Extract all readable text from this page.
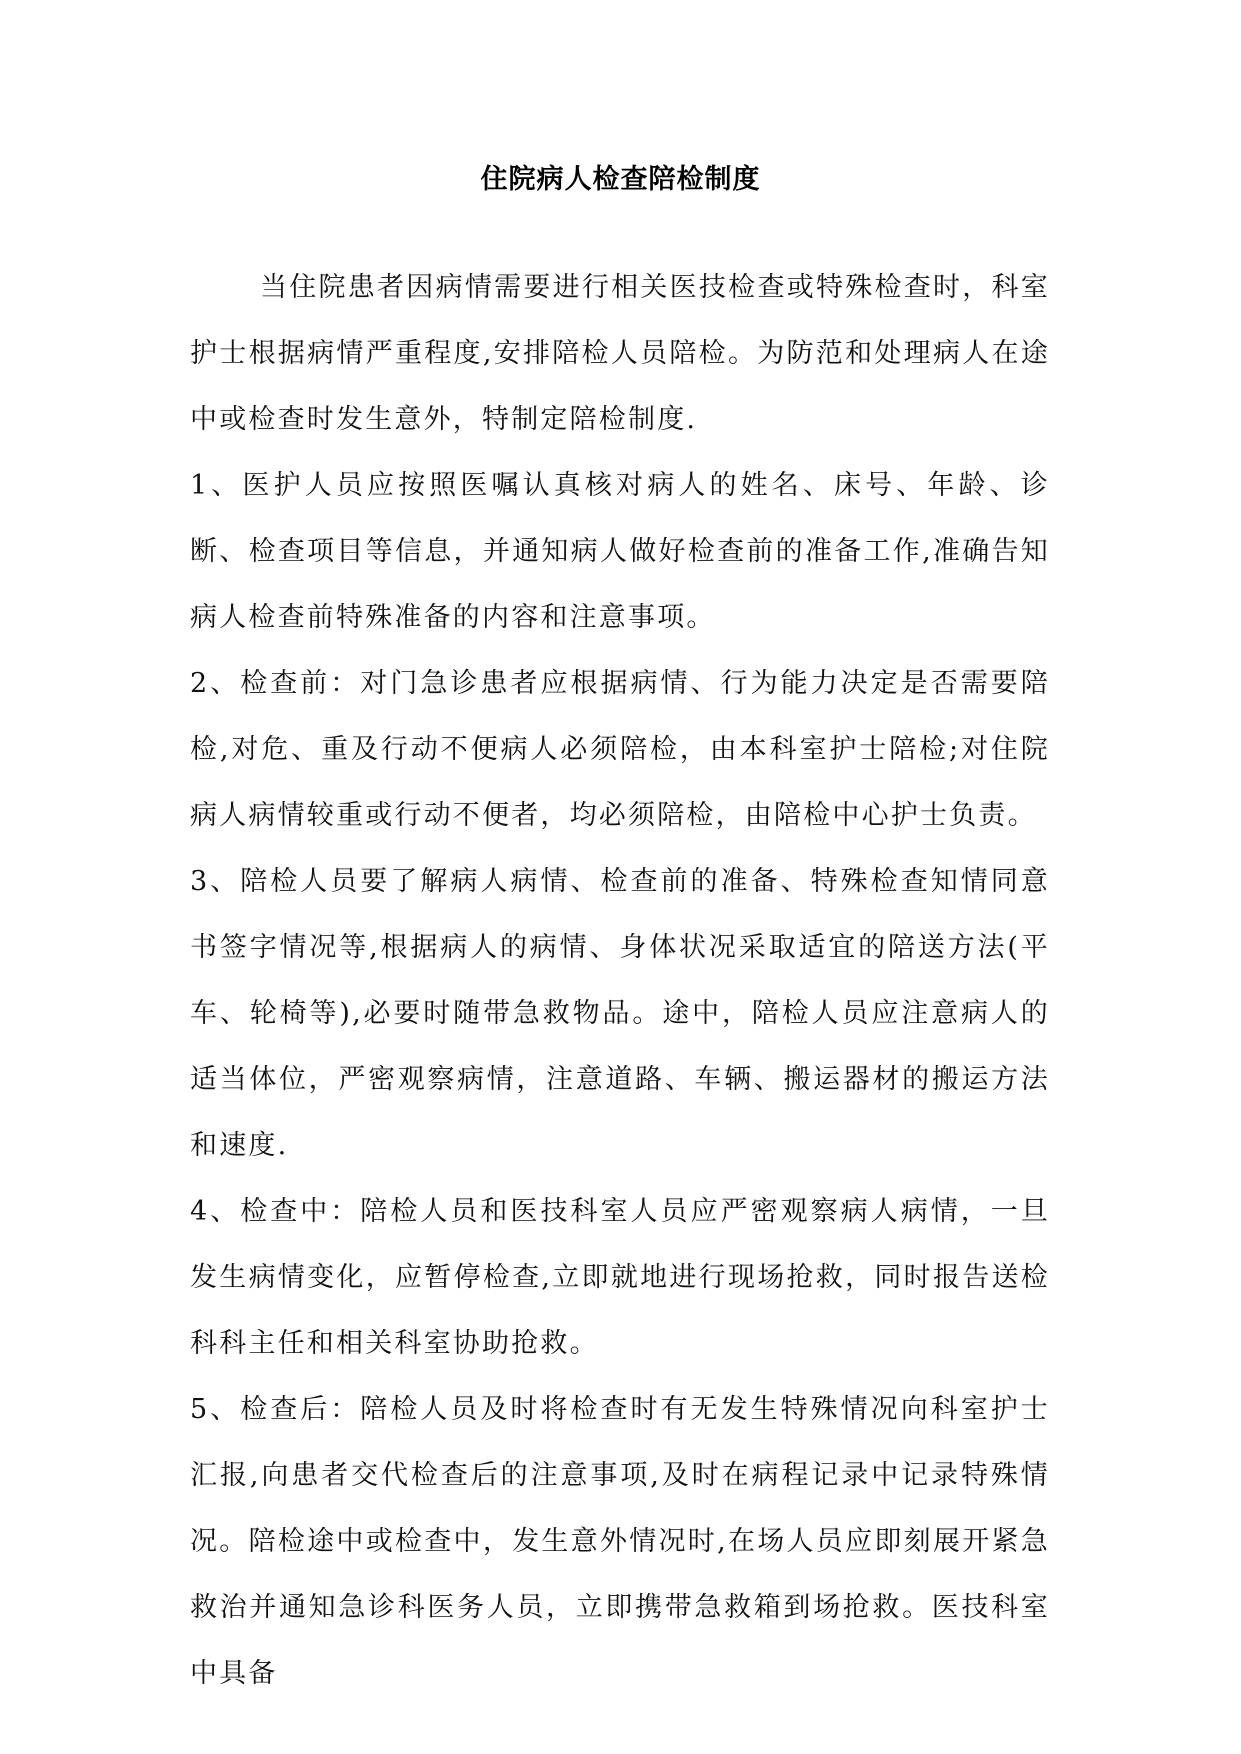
住院病人检查陪检制度

当住院患者因病情需要进行相关医技检查或特殊检查时，科室护士根据病情严重程度,安排陪检人员陪检。为防范和处理病人在途中或检查时发生意外，特制定陪检制度.

1、医护人员应按照医嘱认真核对病人的姓名、床号、年龄、诊断、检查项目等信息，并通知病人做好检查前的准备工作,准确告知病人检查前特殊准备的内容和注意事项。

2、检查前：对门急诊患者应根据病情、行为能力决定是否需要陪检,对危、重及行动不便病人必须陪检，由本科室护士陪检;对住院病人病情较重或行动不便者，均必须陪检，由陪检中心护士负责。

3、陪检人员要了解病人病情、检查前的准备、特殊检查知情同意书签字情况等,根据病人的病情、身体状况采取适宜的陪送方法(平车、轮椅等),必要时随带急救物品。途中，陪检人员应注意病人的适当体位，严密观察病情，注意道路、车辆、搬运器材的搬运方法和速度.

4、检查中：陪检人员和医技科室人员应严密观察病人病情，一旦发生病情变化，应暂停检查,立即就地进行现场抢救，同时报告送检科科主任和相关科室协助抢救。

5、检查后：陪检人员及时将检查时有无发生特殊情况向科室护士汇报,向患者交代检查后的注意事项,及时在病程记录中记录特殊情况。陪检途中或检查中，发生意外情况时,在场人员应即刻展开紧急救治并通知急诊科医务人员，立即携带急救箱到场抢救。医技科室中具备
